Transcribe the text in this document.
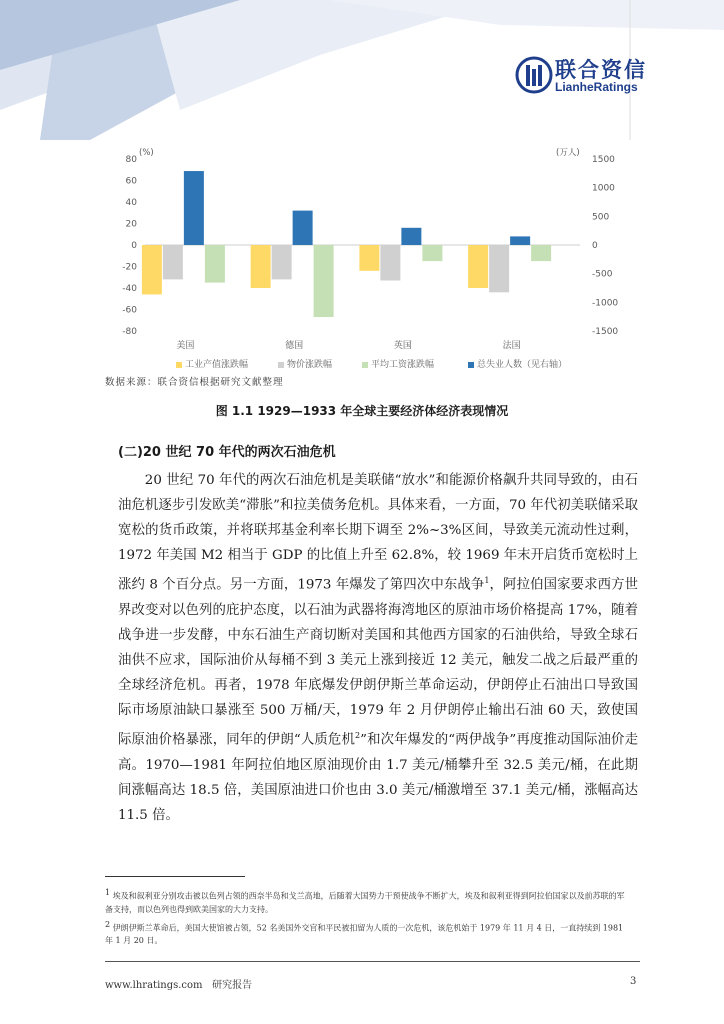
联合资信
LianheRatings
80
60
40
20
0
-20
-40
-60
-80
1500
1000
500
0
-500
-1000
-1500
(%)	(万人)
美国	德国	英国	法国
工业产值涨跌幅	物价涨跌幅	平均工资涨跌幅	总失业人数（见右轴）
数据来源：联合资信根据研究文献整理
图 1.1 1929—1933 年全球主要经济体经济表现情况
(二)20 世纪 70 年代的两次石油危机

20 世纪 70 年代的两次石油危机是美联储“放水”和能源价格飙升共同导致的，由石油危机逐步引发欧美“滞胀”和拉美债务危机。具体来看，一方面，70 年代初美联储采取宽松的货币政策，并将联邦基金利率长期下调至 2%~3%区间，导致美元流动性过剩，1972 年美国 M2 相当于 GDP 的比值上升至 62.8%，较 1969 年末开启货币宽松时上涨约 8 个百分点。另一方面，1973 年爆发了第四次中东战争$^1$，阿拉伯国家要求西方世界改变对以色列的庇护态度，以石油为武器将海湾地区的原油市场价格提高 17%，随着战争进一步发酵，中东石油生产商切断对美国和其他西方国家的石油供给，导致全球石油供不应求，国际油价从每桶不到 3 美元上涨到接近 12 美元，触发二战之后最严重的全球经济危机。再者，1978 年底爆发伊朗伊斯兰革命运动，伊朗停止石油出口导致国际市场原油缺口暴涨至 500 万桶/天，1979 年 2 月伊朗停止输出石油 60 天，致使国际原油价格暴涨，同年的伊朗“人质危机$^2$”和次年爆发的“两伊战争”再度推动国际油价走高。1970—1981 年阿拉伯地区原油现价由 1.7 美元/桶攀升至 32.5 美元/桶，在此期间涨幅高达 18.5 倍，美国原油进口价也由 3.0 美元/桶激增至 37.1 美元/桶，涨幅高达 11.5 倍。

$^1$ 埃及和叙利亚分别攻击被以色列占领的西奈半岛和戈兰高地，后随着大国势力干预使战争不断扩大，埃及和叙利亚得到阿拉伯国家以及前苏联的军备支持，而以色列也得到欧美国家的大力支持。

$^2$ 伊朗伊斯兰革命后，美国大使馆被占领，52 名美国外交官和平民被扣留为人质的一次危机，该危机始于 1979 年 11 月 4 日，一直持续到 1981 年 1 月 20 日。

www.lhratings.com 研究报告	3
